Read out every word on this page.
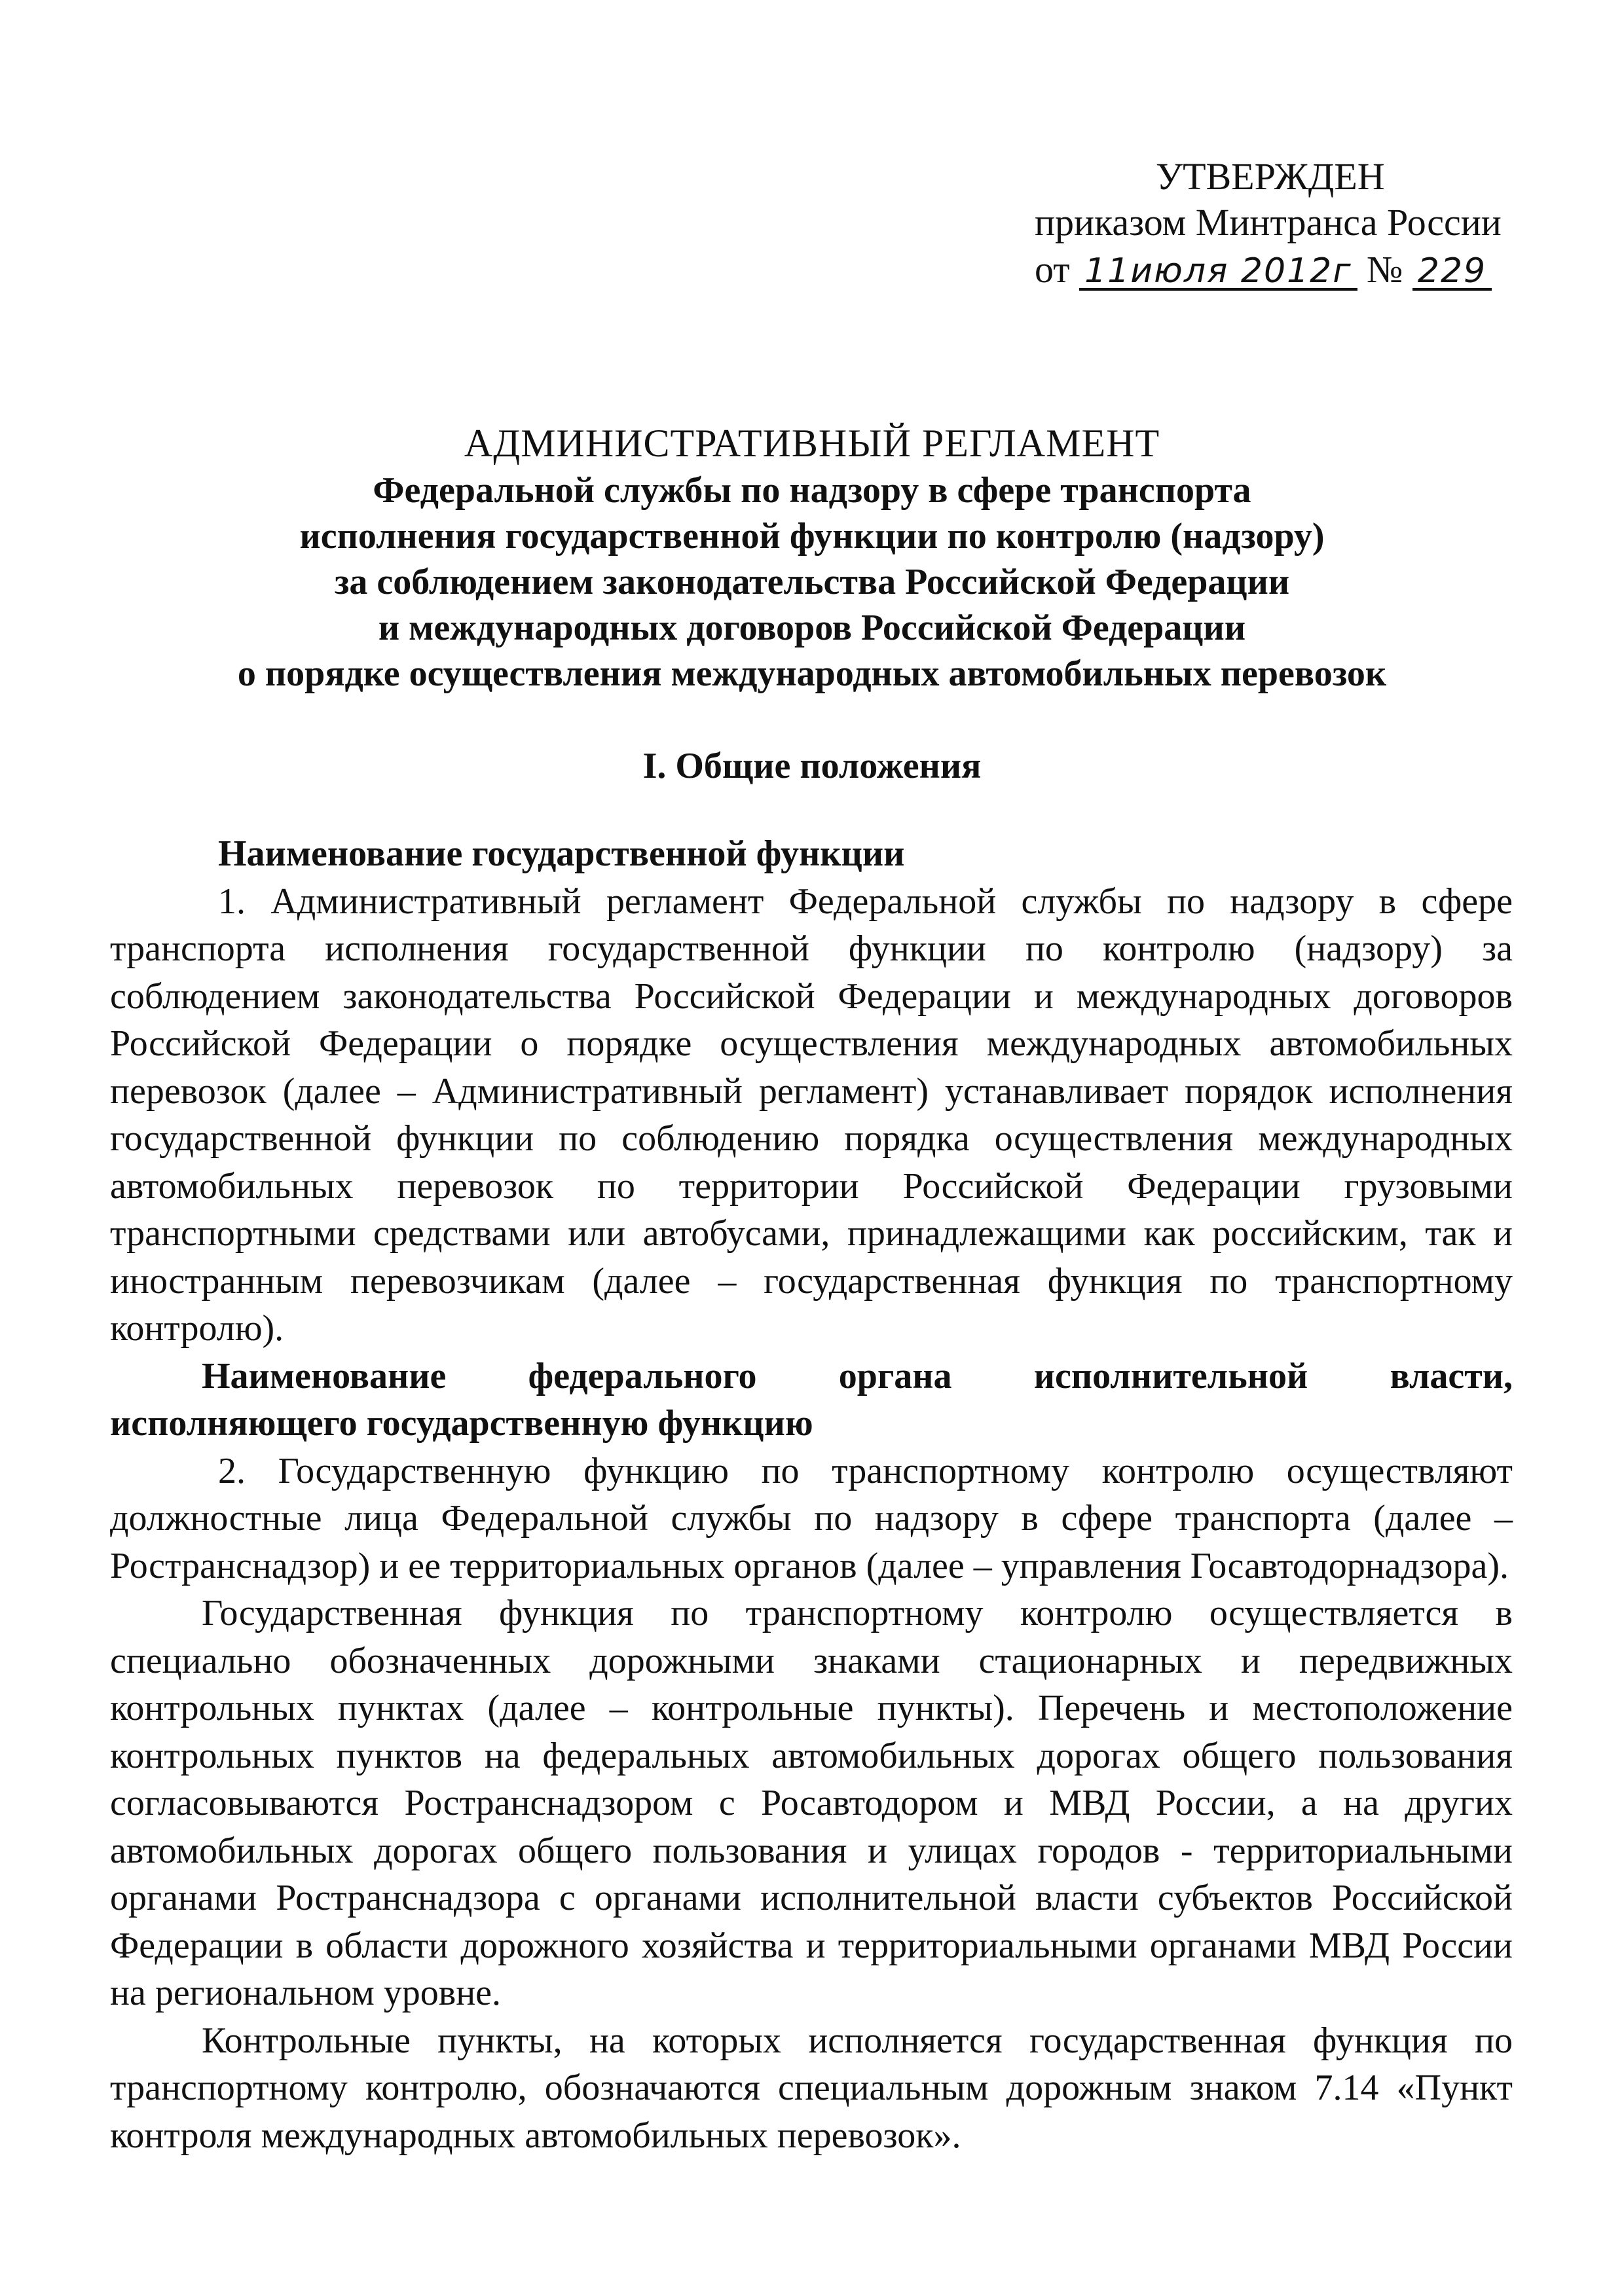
УТВЕРЖДЕН
приказом Минтранса России
от 11июля 2012г № 229
АДМИНИСТРАТИВНЫЙ РЕГЛАМЕНТ
Федеральной службы по надзору в сфере транспорта
исполнения государственной функции по контролю (надзору)
за соблюдением законодательства Российской Федерации
и международных договоров Российской Федерации
о порядке осуществления международных автомобильных перевозок
I. Общие положения
Наименование государственной функции

1. Административный регламент Федеральной службы по надзору в сфере транспорта исполнения государственной функции по контролю (надзору) за соблюдением законодательства Российской Федерации и международных договоров Российской Федерации о порядке осуществления международных автомобильных перевозок (далее – Административный регламент) устанавливает порядок исполнения государственной функции по соблюдению порядка осуществления международных автомобильных перевозок по территории Российской Федерации грузовыми транспортными средствами или автобусами, принадлежащими как российским, так и иностранным перевозчикам (далее – государственная функция по транспортному контролю).

Наименование федерального органа исполнительной власти,
исполняющего государственную функцию

2. Государственную функцию по транспортному контролю осуществляют должностные лица Федеральной службы по надзору в сфере транспорта (далее – Ространснадзор) и ее территориальных органов (далее – управления Госавтодорнадзора).

Государственная функция по транспортному контролю осуществляется в специально обозначенных дорожными знаками стационарных и передвижных контрольных пунктах (далее – контрольные пункты). Перечень и местоположение контрольных пунктов на федеральных автомобильных дорогах общего пользования согласовываются Ространснадзором с Росавтодором и МВД России, а на других автомобильных дорогах общего пользования и улицах городов - территориальными органами Ространснадзора с органами исполнительной власти субъектов Российской Федерации в области дорожного хозяйства и территориальными органами МВД России на региональном уровне.

Контрольные пункты, на которых исполняется государственная функция по транспортному контролю, обозначаются специальным дорожным знаком 7.14 «Пункт контроля международных автомобильных перевозок».
